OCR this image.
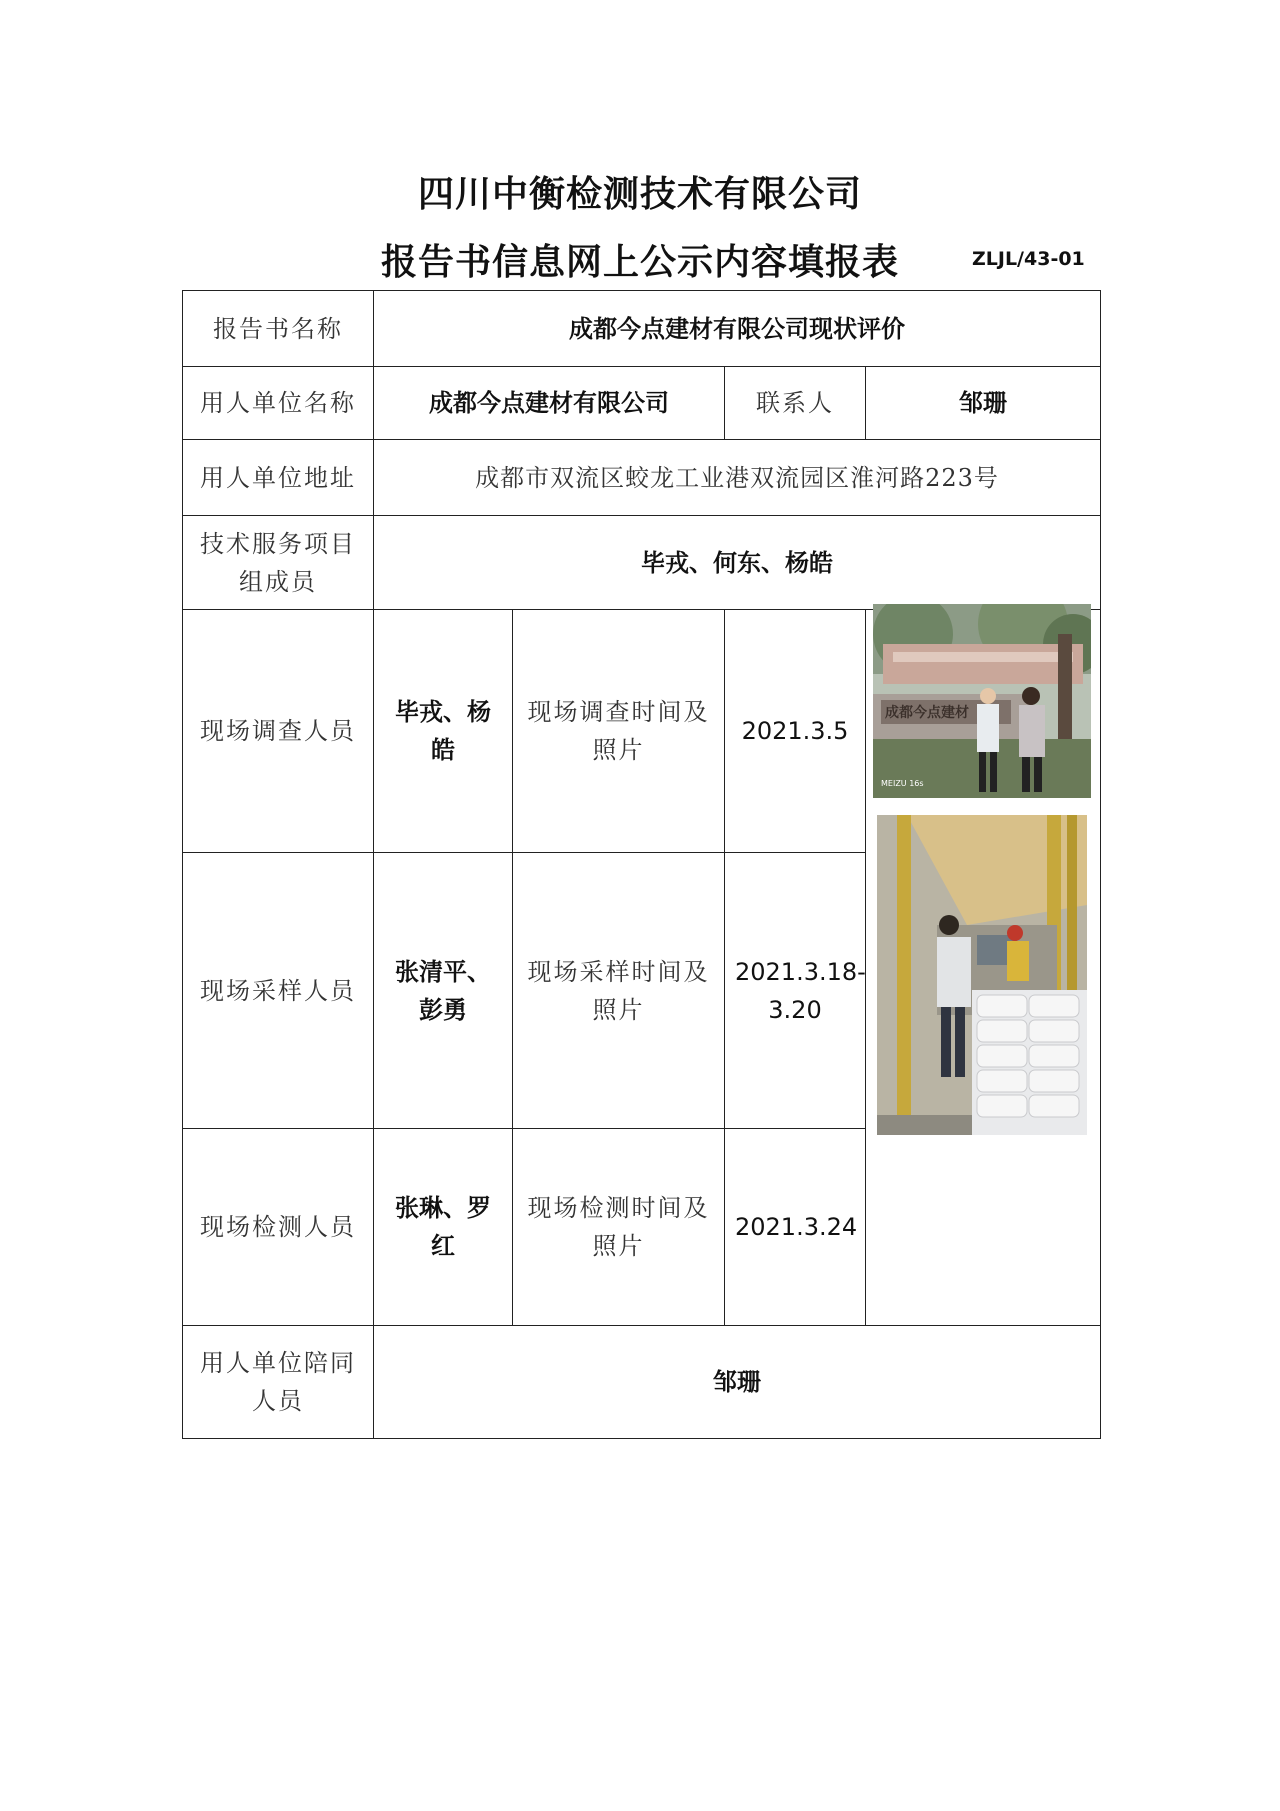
四川中衡检测技术有限公司
报告书信息网上公示内容填报表	ZLJL/43-01
报告书名称	成都今点建材有限公司现状评价			
用人单位名称	成都今点建材有限公司		联系人	邹珊
用人单位地址	成都市双流区蛟龙工业港双流园区淮河路223号			
技术服务项目组成员	毕戎、何东、杨皓			
现场调查人员	毕戎、杨皓	现场调查时间及照片	2021.3.5	
现场采样人员	张清平、彭勇	现场采样时间及照片	2021.3.18-3.20	
现场检测人员	张琳、罗红	现场检测时间及照片	2021.3.24	
用人单位陪同人员	邹珊			
成都今点建材
MEIZU 16s
